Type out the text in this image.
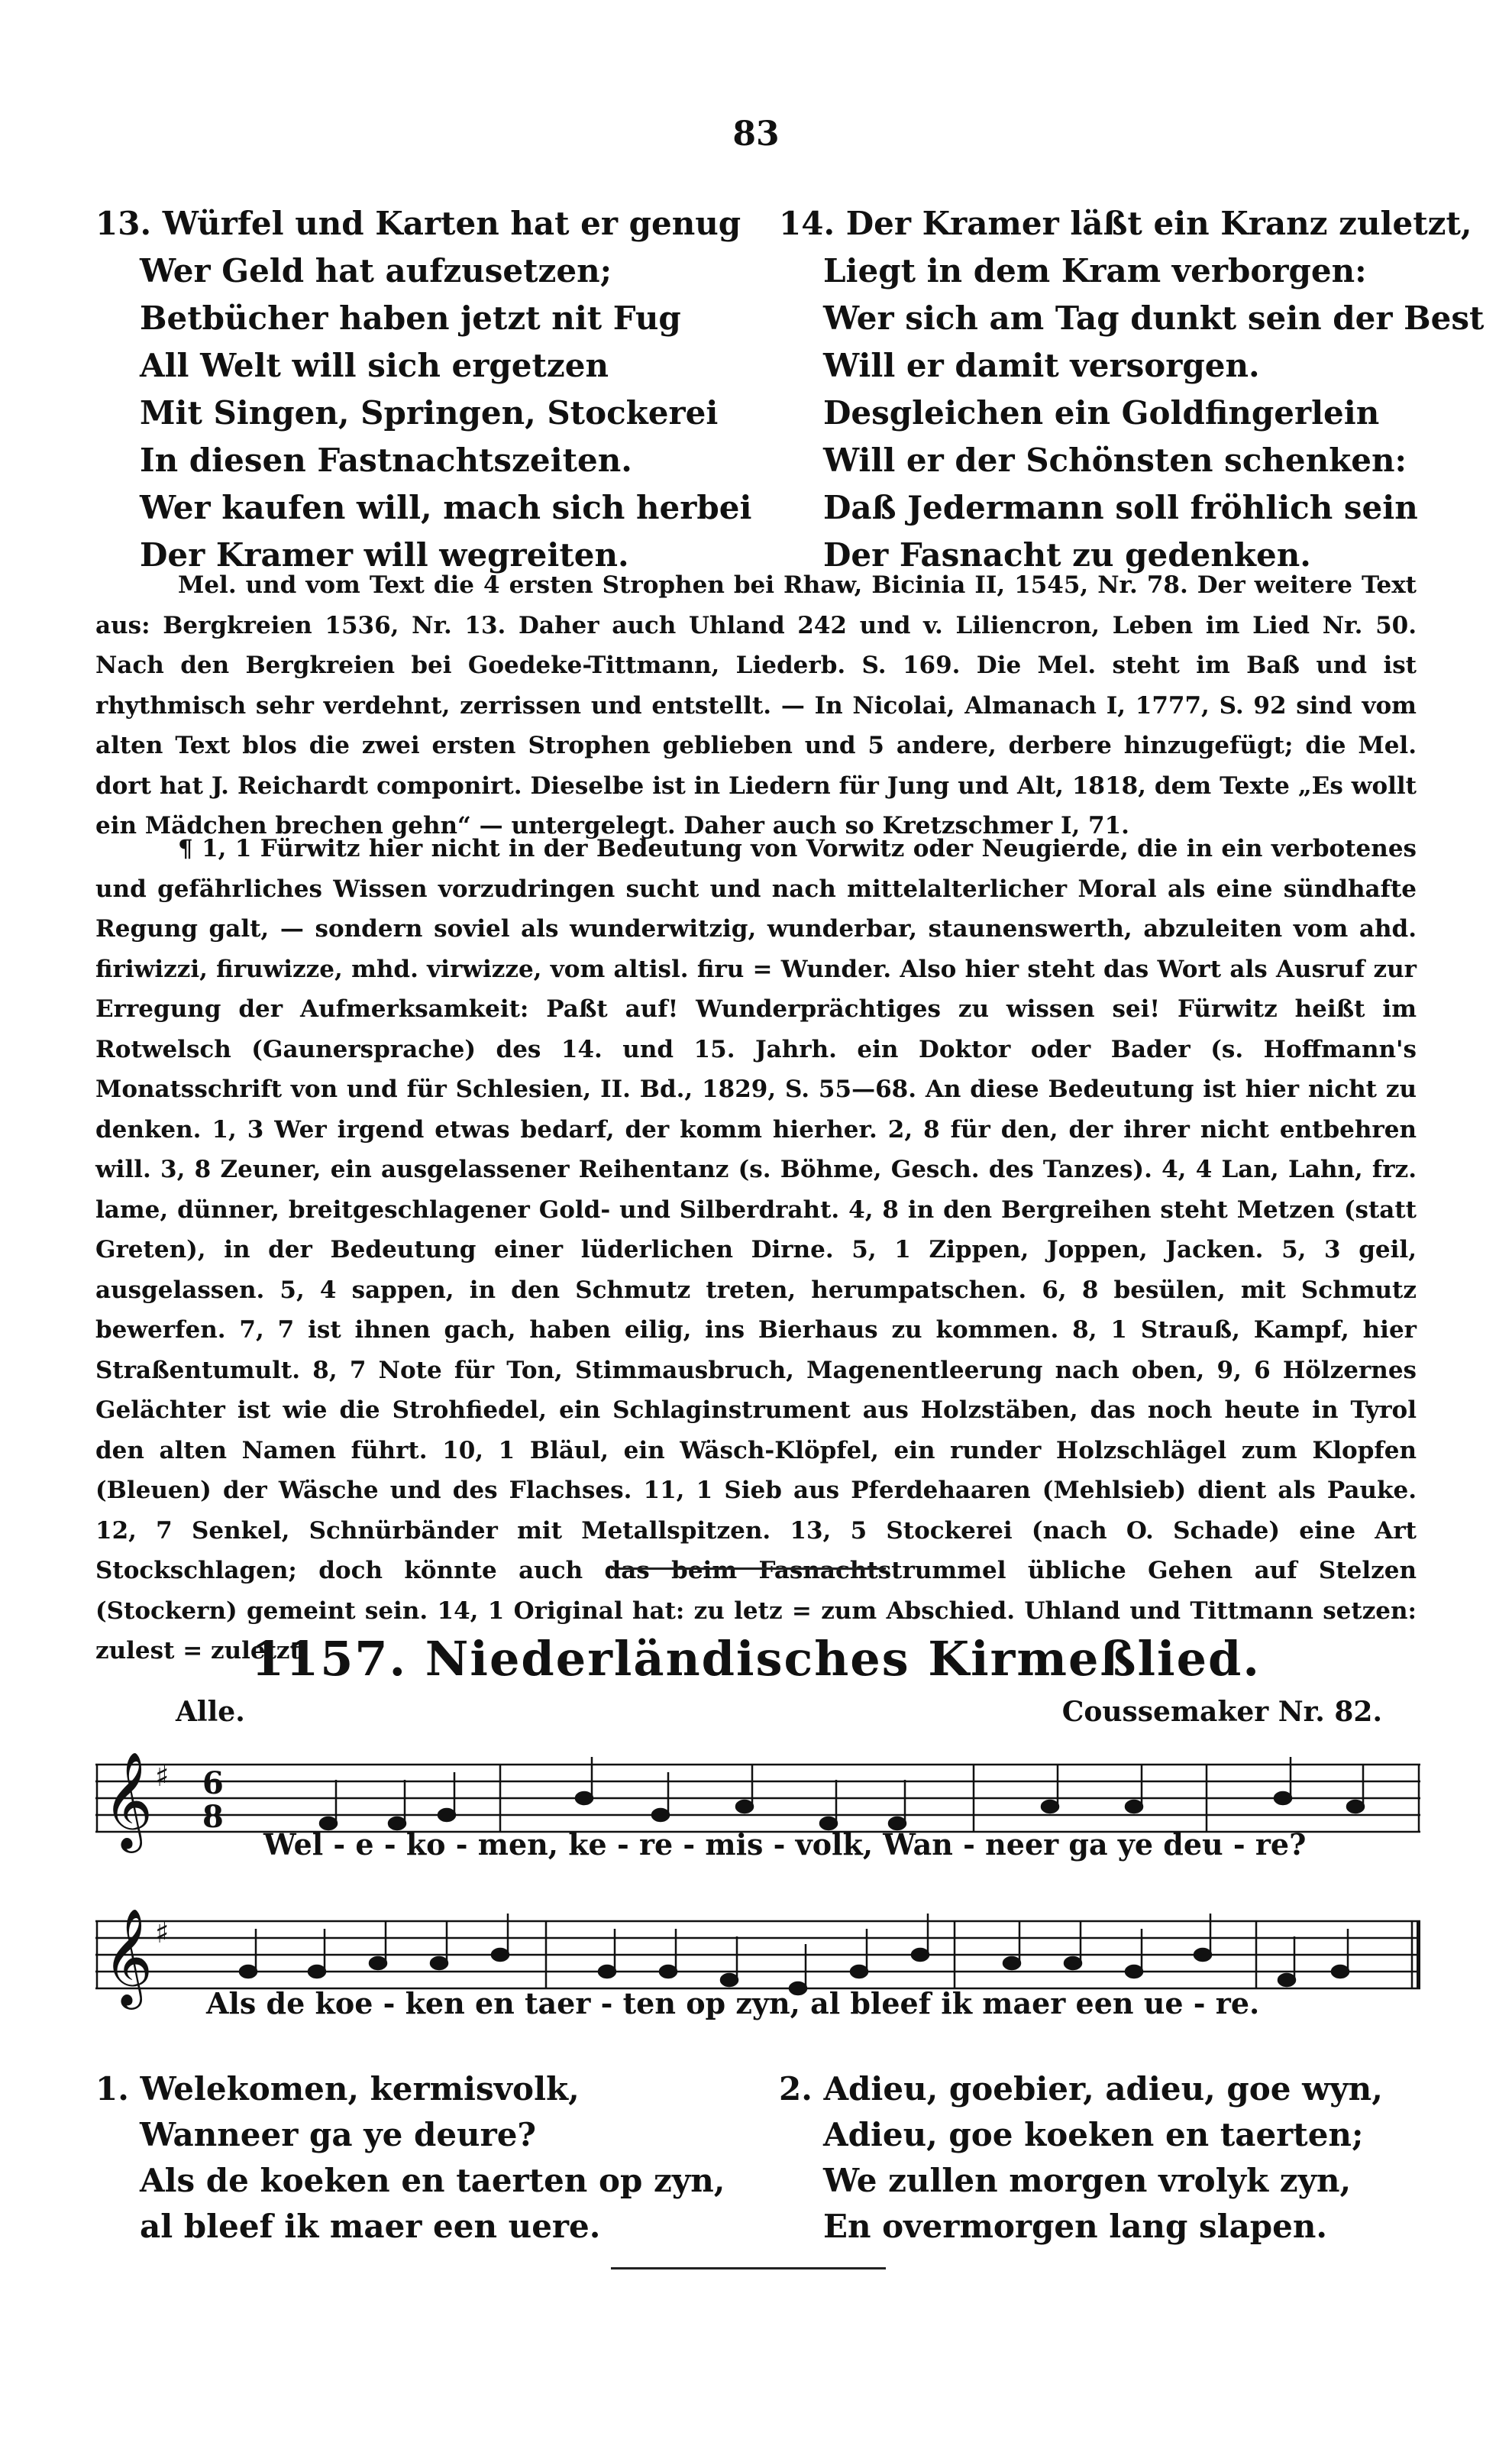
83
13. Würfel und Karten hat er genug
Wer Geld hat aufzusetzen;
Betbücher haben jetzt nit Fug
All Welt will sich ergetzen
Mit Singen, Springen, Stockerei
In diesen Fastnachtszeiten.
Wer kaufen will, mach sich herbei
Der Kramer will wegreiten.
14. Der Kramer läßt ein Kranz zuletzt,
Liegt in dem Kram verborgen:
Wer sich am Tag dunkt sein der Best
Will er damit versorgen.
Desgleichen ein Goldfingerlein
Will er der Schönsten schenken:
Daß Jedermann soll fröhlich sein
Der Fasnacht zu gedenken.
Mel. und vom Text die 4 ersten Strophen bei Rhaw, Bicinia II, 1545, Nr. 78. Der weitere Text aus: Bergkreien 1536, Nr. 13. Daher auch Uhland 242 und v. Liliencron, Leben im Lied Nr. 50. Nach den Bergkreien bei Goedeke-Tittmann, Liederb. S. 169. Die Mel. steht im Baß und ist rhythmisch sehr verdehnt, zerrissen und entstellt. — In Nicolai, Almanach I, 1777, S. 92 sind vom alten Text blos die zwei ersten Strophen geblieben und 5 andere, derbere hinzugefügt; die Mel. dort hat J. Reichardt componirt. Dieselbe ist in Liedern für Jung und Alt, 1818, dem Texte „Es wollt ein Mädchen brechen gehn“ — untergelegt. Daher auch so Kretzschmer I, 71.
¶ 1, 1 Fürwitz hier nicht in der Bedeutung von Vorwitz oder Neugierde, die in ein verbotenes und gefährliches Wissen vorzudringen sucht und nach mittelalterlicher Moral als eine sündhafte Regung galt, — sondern soviel als wunderwitzig, wunderbar, staunenswerth, abzuleiten vom ahd. firiwizzi, firuwizze, mhd. virwizze, vom altisl. firu = Wunder. Also hier steht das Wort als Ausruf zur Erregung der Aufmerksamkeit: Paßt auf! Wunderprächtiges zu wissen sei! Fürwitz heißt im Rotwelsch (Gaunersprache) des 14. und 15. Jahrh. ein Doktor oder Bader (s. Hoffmann's Monatsschrift von und für Schlesien, II. Bd., 1829, S. 55—68. An diese Bedeutung ist hier nicht zu denken. 1, 3 Wer irgend etwas bedarf, der komm hierher. 2, 8 für den, der ihrer nicht entbehren will. 3, 8 Zeuner, ein ausgelassener Reihentanz (s. Böhme, Gesch. des Tanzes). 4, 4 Lan, Lahn, frz. lame, dünner, breitgeschlagener Gold- und Silberdraht. 4, 8 in den Bergreihen steht Metzen (statt Greten), in der Bedeutung einer lüderlichen Dirne. 5, 1 Zippen, Joppen, Jacken. 5, 3 geil, ausgelassen. 5, 4 sappen, in den Schmutz treten, herumpatschen. 6, 8 besülen, mit Schmutz bewerfen. 7, 7 ist ihnen gach, haben eilig, ins Bierhaus zu kommen. 8, 1 Strauß, Kampf, hier Straßentumult. 8, 7 Note für Ton, Stimmausbruch, Magenentleerung nach oben, 9, 6 Hölzernes Gelächter ist wie die Strohfiedel, ein Schlaginstrument aus Holzstäben, das noch heute in Tyrol den alten Namen führt. 10, 1 Bläul, ein Wäsch-Klöpfel, ein runder Holzschlägel zum Klopfen (Bleuen) der Wäsche und des Flachses. 11, 1 Sieb aus Pferdehaaren (Mehlsieb) dient als Pauke. 12, 7 Senkel, Schnürbänder mit Metallspitzen. 13, 5 Stockerei (nach O. Schade) eine Art Stockschlagen; doch könnte auch das beim Fasnachtstrummel übliche Gehen auf Stelzen (Stockern) gemeint sein. 14, 1 Original hat: zu letz = zum Abschied. Uhland und Tittmann setzen: zulest = zuletzt.
1157. Niederländisches Kirmeßlied.
Alle.	Coussemaker Nr. 82.
𝄞 ♯ 6
8
Wel - e - ko - men, ke - re - mis - volk, Wan - neer ga ye deu - re?
𝄞 ♯
Als de koe - ken en taer - ten op zyn, al bleef ik maer een ue - re.
1. Welekomen, kermisvolk,
Wanneer ga ye deure?
Als de koeken en taerten op zyn,
al bleef ik maer een uere.
2. Adieu, goebier, adieu, goe wyn,
Adieu, goe koeken en taerten;
We zullen morgen vrolyk zyn,
En overmorgen lang slapen.
